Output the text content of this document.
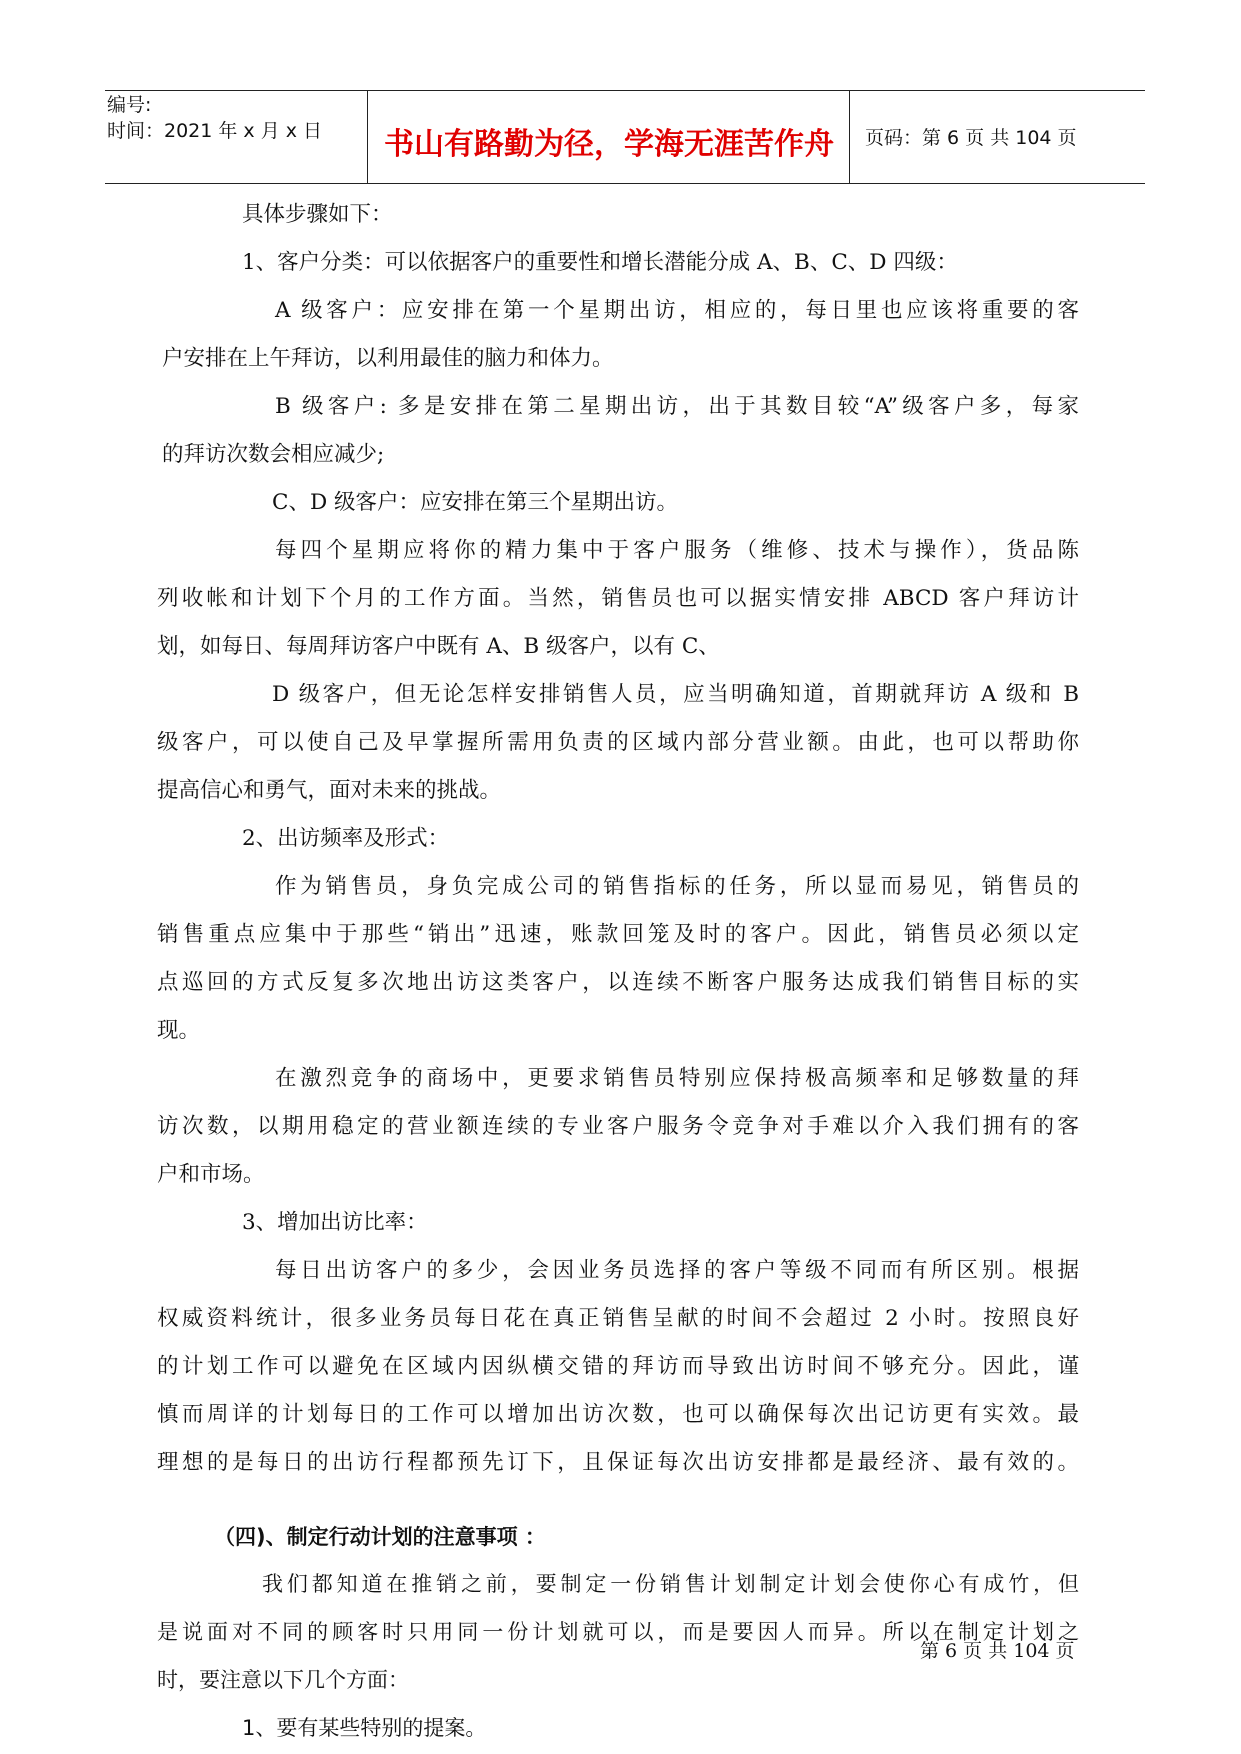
编号:
时间：2021 年 x 月 x 日	书山有路勤为径，学海无涯苦作舟	页码：第 6 页 共 104 页
具体步骤如下：
1、客户分类：可以依据客户的重要性和增长潜能分成 A、B、C、D 四级：
A 级客户：应安排在第一个星期出访，相应的，每日里也应该将重要的客
户安排在上午拜访，以利用最佳的脑力和体力。
B 级客户: 多是安排在第二星期出访，出于其数目较“A”级客户多，每家
的拜访次数会相应减少;
C、D 级客户：应安排在第三个星期出访。
每四个星期应将你的精力集中于客户服务（维修、技术与操作），货品陈
列收帐和计划下个月的工作方面。当然，销售员也可以据实情安排 ABCD 客户拜访计
划，如每日、每周拜访客户中既有 A、B 级客户，以有 C、
D 级客户，但无论怎样安排销售人员，应当明确知道，首期就拜访 A 级和 B
级客户，可以使自己及早掌握所需用负责的区域内部分营业额。由此，也可以帮助你
提高信心和勇气，面对未来的挑战。
2、出访频率及形式：
作为销售员，身负完成公司的销售指标的任务，所以显而易见，销售员的
销售重点应集中于那些“销出”迅速，账款回笼及时的客户。因此，销售员必须以定
点巡回的方式反复多次地出访这类客户，以连续不断客户服务达成我们销售目标的实
现。
在激烈竞争的商场中，更要求销售员特别应保持极高频率和足够数量的拜
访次数，以期用稳定的营业额连续的专业客户服务令竞争对手难以介入我们拥有的客
户和市场。
3、增加出访比率：
每日出访客户的多少，会因业务员选择的客户等级不同而有所区别。根据
权威资料统计，很多业务员每日花在真正销售呈献的时间不会超过 2 小时。按照良好
的计划工作可以避免在区域内因纵横交错的拜访而导致出访时间不够充分。因此，谨
慎而周详的计划每日的工作可以增加出访次数，也可以确保每次出记访更有实效。最
理想的是每日的出访行程都预先订下，且保证每次出访安排都是最经济、最有效的。
（四)、制定行动计划的注意事项 ：
我们都知道在推销之前，要制定一份销售计划制定计划会使你心有成竹，但
是说面对不同的顾客时只用同一份计划就可以，而是要因人而异。所以在制定计划之
时，要注意以下几个方面：
1、要有某些特别的提案。
第 6 页 共 104 页
